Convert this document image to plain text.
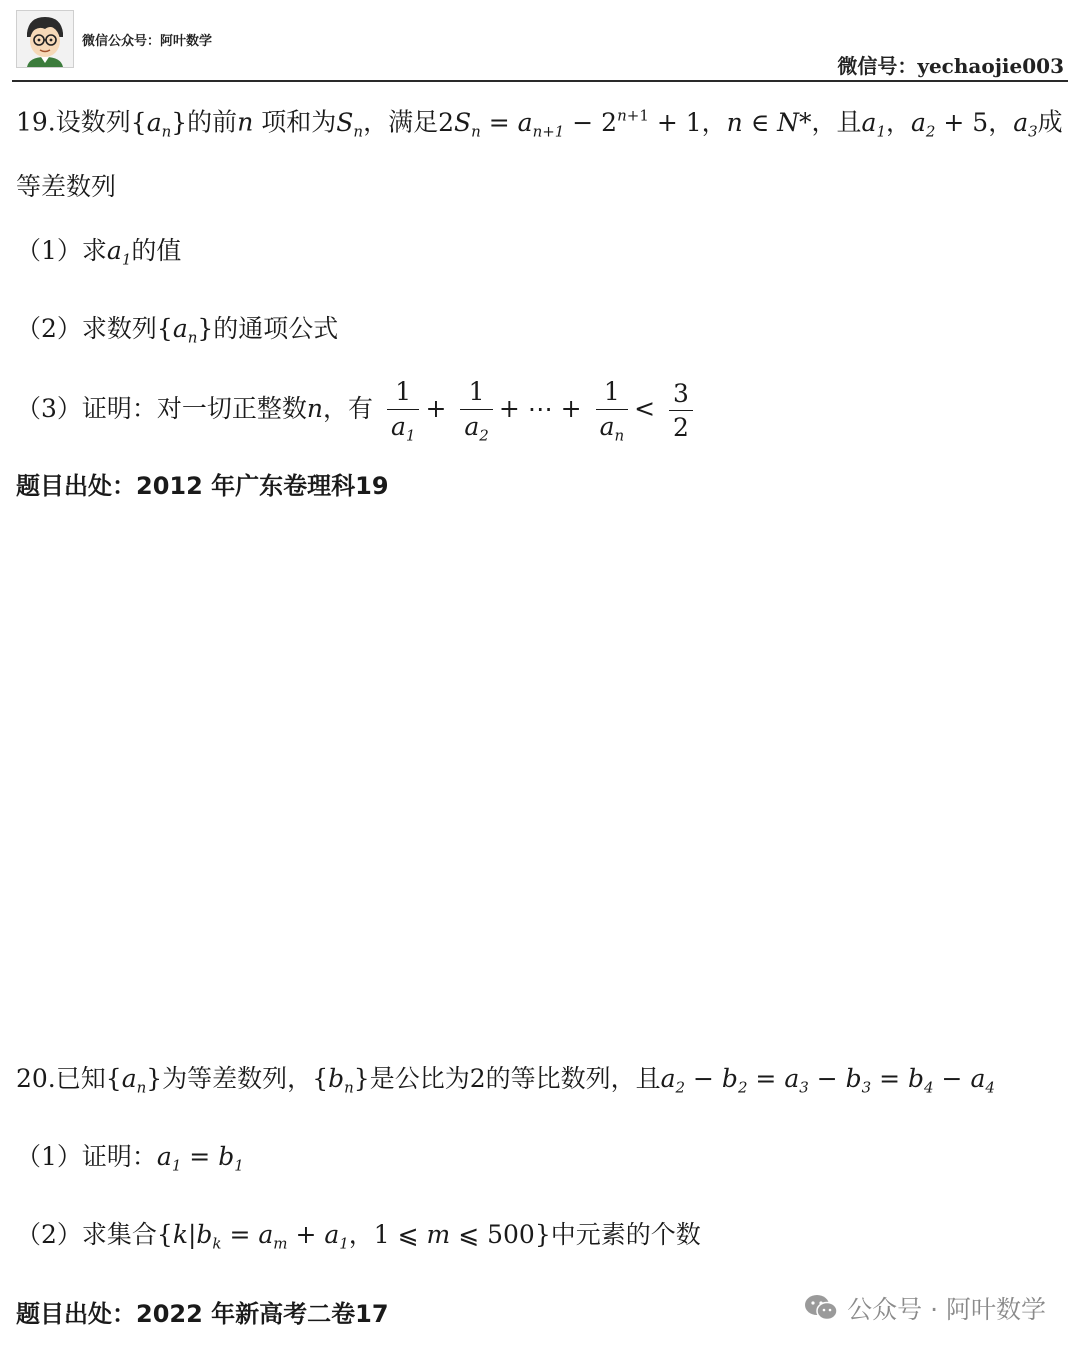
微信公众号：阿叶数学
微信号：yechaojie003
19.设数列$\{a_n\}$的前n 项和为$S_n$，满足$2S_n = a_{n+1} - 2^{n+1} + 1$，n ∈ N*，且$a_1$，$a_2 + 5$，$a_3$成
等差数列
（1）求$a_1$的值
（2）求数列$\{a_n\}$的通项公式
（3）证明：对一切正整数n，有 $\frac{1}{a_1} + \frac{1}{a_2}$ + ⋯ + $\frac{1}{a_n} < \frac{3}{2}$
题目出处：2012 年广东卷理科19
20.已知$\{a_n\}$为等差数列，$\{b_n\}$是公比为2的等比数列，且$a_2 - b_2 = a_3 - b_3 = b_4 - a_4$
（1）证明：$a_1 = b_1$
（2）求集合{$k|b_k = a_m + a_1$，1 ⩽ m ⩽ 500}中元素的个数
题目出处：2022 年新高考二卷17	公众号 · 阿叶数学
